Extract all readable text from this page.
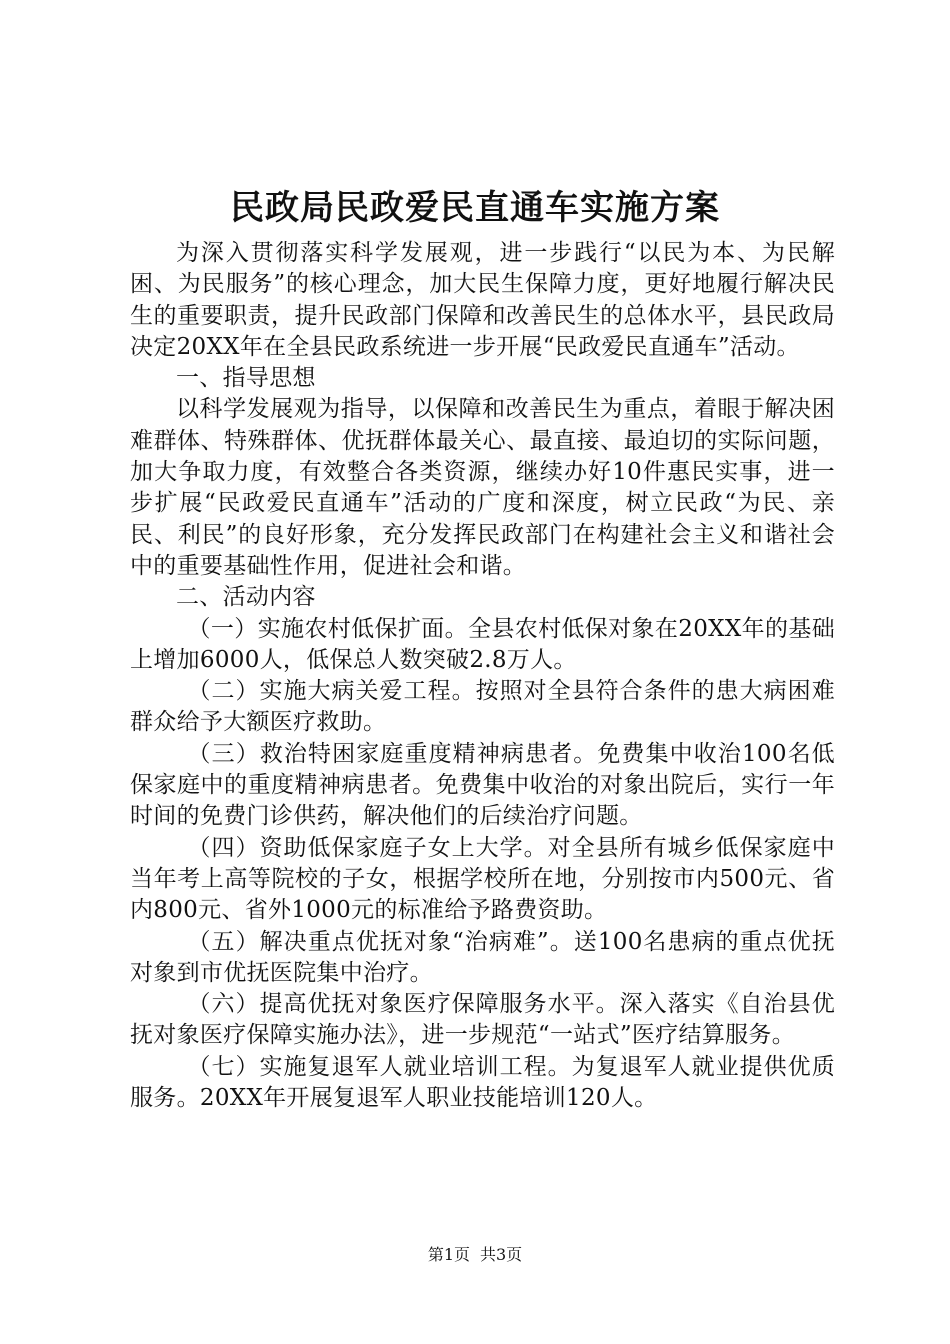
民政局民政爱民直通车实施方案

为深入贯彻落实科学发展观，进一步践行“以民为本、为民解困、为民服务”的核心理念，加大民生保障力度，更好地履行解决民生的重要职责，提升民政部门保障和改善民生的总体水平，县民政局决定20XX年在全县民政系统进一步开展“民政爱民直通车”活动。

一、指导思想

以科学发展观为指导，以保障和改善民生为重点，着眼于解决困难群体、特殊群体、优抚群体最关心、最直接、最迫切的实际问题，加大争取力度，有效整合各类资源，继续办好10件惠民实事，进一步扩展“民政爱民直通车”活动的广度和深度，树立民政“为民、亲民、利民”的良好形象，充分发挥民政部门在构建社会主义和谐社会中的重要基础性作用，促进社会和谐。

二、活动内容

（一）实施农村低保扩面。全县农村低保对象在20XX年的基础上增加6000人，低保总人数突破2.8万人。

（二）实施大病关爱工程。按照对全县符合条件的患大病困难群众给予大额医疗救助。

（三）救治特困家庭重度精神病患者。免费集中收治100名低保家庭中的重度精神病患者。免费集中收治的对象出院后，实行一年时间的免费门诊供药，解决他们的后续治疗问题。

（四）资助低保家庭子女上大学。对全县所有城乡低保家庭中当年考上高等院校的子女，根据学校所在地，分别按市内500元、省内800元、省外1000元的标准给予路费资助。

（五）解决重点优抚对象“治病难”。送100名患病的重点优抚对象到市优抚医院集中治疗。

（六）提高优抚对象医疗保障服务水平。深入落实《自治县优抚对象医疗保障实施办法》，进一步规范“一站式”医疗结算服务。

（七）实施复退军人就业培训工程。为复退军人就业提供优质服务。20XX年开展复退军人职业技能培训120人。

第1页 共3页
